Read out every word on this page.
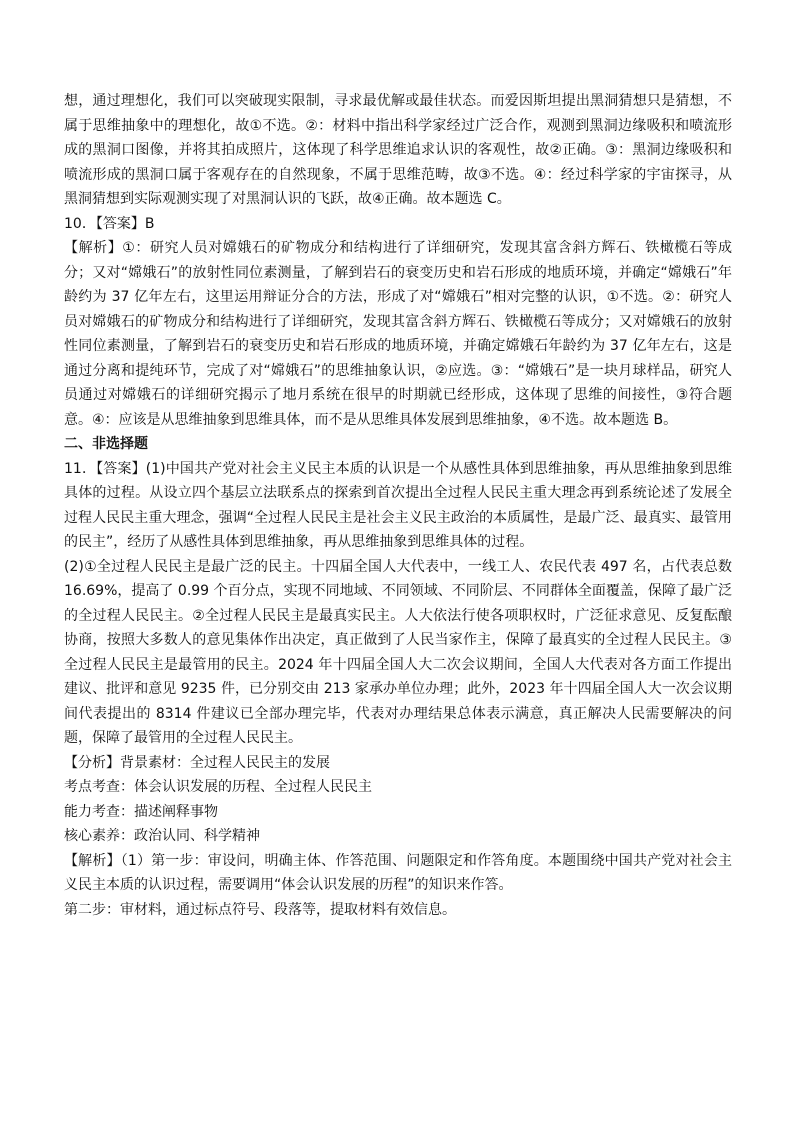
想，通过理想化，我们可以突破现实限制，寻求最优解或最佳状态。而爱因斯坦提出黑洞猜想只是猜想，不属于思维抽象中的理想化，故①不选。②：材料中指出科学家经过广泛合作，观测到黑洞边缘吸积和喷流形成的黑洞口图像，并将其拍成照片，这体现了科学思维追求认识的客观性，故②正确。③：黑洞边缘吸积和喷流形成的黑洞口属于客观存在的自然现象，不属于思维范畴，故③不选。④：经过科学家的宇宙探寻，从黑洞猜想到实际观测实现了对黑洞认识的飞跃，故④正确。故本题选 C。

10．【答案】B

【解析】①：研究人员对嫦娥石的矿物成分和结构进行了详细研究，发现其富含斜方辉石、铁橄榄石等成分；又对“嫦娥石”的放射性同位素测量，了解到岩石的衰变历史和岩石形成的地质环境，并确定“嫦娥石”年龄约为 37 亿年左右，这里运用辩证分合的方法，形成了对“嫦娥石”相对完整的认识，①不选。②：研究人员对嫦娥石的矿物成分和结构进行了详细研究，发现其富含斜方辉石、铁橄榄石等成分；又对嫦娥石的放射性同位素测量，了解到岩石的衰变历史和岩石形成的地质环境，并确定嫦娥石年龄约为 37 亿年左右，这是通过分离和提纯环节，完成了对“嫦娥石”的思维抽象认识，②应选。③：“嫦娥石”是一块月球样品，研究人员通过对嫦娥石的详细研究揭示了地月系统在很早的时期就已经形成，这体现了思维的间接性，③符合题意。④：应该是从思维抽象到思维具体，而不是从思维具体发展到思维抽象，④不选。故本题选 B。

二、非选择题

11．【答案】(1)中国共产党对社会主义民主本质的认识是一个从感性具体到思维抽象，再从思维抽象到思维具体的过程。从设立四个基层立法联系点的探索到首次提出全过程人民民主重大理念再到系统论述了发展全过程人民民主重大理念，强调“全过程人民民主是社会主义民主政治的本质属性，是最广泛、最真实、最管用的民主”，经历了从感性具体到思维抽象，再从思维抽象到思维具体的过程。

(2)①全过程人民民主是最广泛的民主。十四届全国人大代表中，一线工人、农民代表 497 名，占代表总数 16.69%，提高了 0.99 个百分点，实现不同地域、不同领域、不同阶层、不同群体全面覆盖，保障了最广泛的全过程人民民主。②全过程人民民主是最真实民主。人大依法行使各项职权时，广泛征求意见、反复酝酿协商，按照大多数人的意见集体作出决定，真正做到了人民当家作主，保障了最真实的全过程人民民主。③全过程人民民主是最管用的民主。2024 年十四届全国人大二次会议期间，全国人大代表对各方面工作提出建议、批评和意见 9235 件，已分别交由 213 家承办单位办理；此外，2023 年十四届全国人大一次会议期间代表提出的 8314 件建议已全部办理完毕，代表对办理结果总体表示满意，真正解决人民需要解决的问题，保障了最管用的全过程人民民主。

【分析】背景素材：全过程人民民主的发展

考点考查：体会认识发展的历程、全过程人民民主

能力考查：描述阐释事物

核心素养：政治认同、科学精神

【解析】（1）第一步：审设问，明确主体、作答范围、问题限定和作答角度。本题围绕中国共产党对社会主义民主本质的认识过程，需要调用“体会认识发展的历程”的知识来作答。

第二步：审材料，通过标点符号、段落等，提取材料有效信息。
